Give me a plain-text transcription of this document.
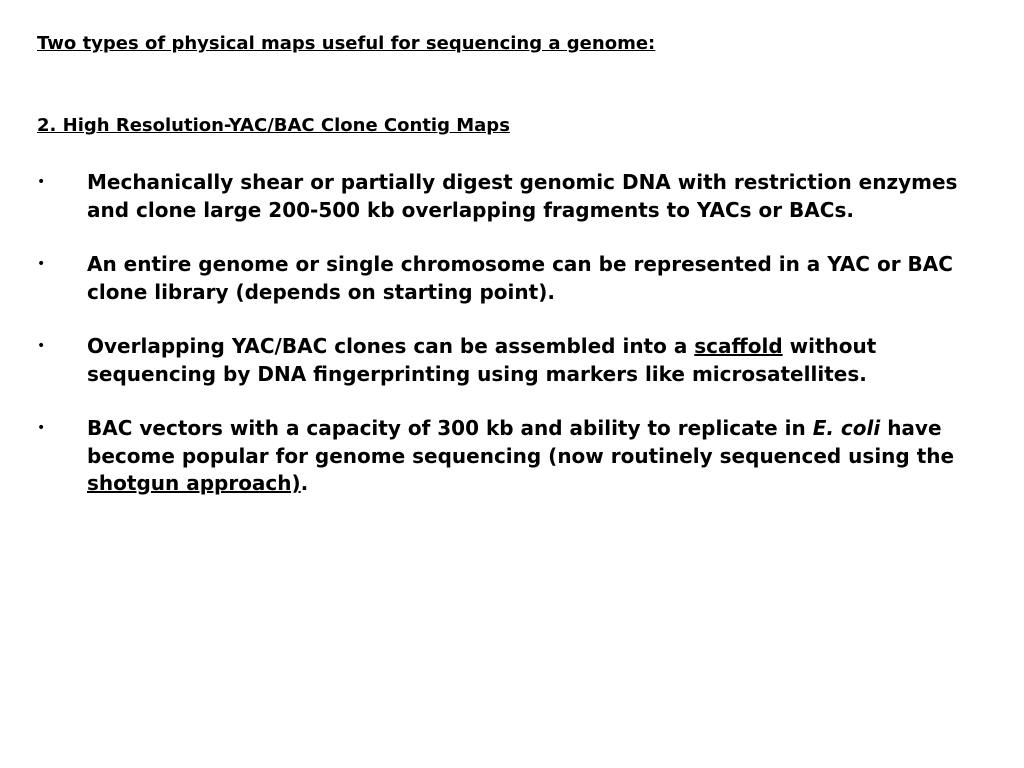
Two types of physical maps useful for sequencing a genome:
2. High Resolution-YAC/BAC Clone Contig Maps
• Mechanically shear or partially digest genomic DNA with restriction enzymes and clone large 200-500 kb overlapping fragments to YACs or BACs.
• An entire genome or single chromosome can be represented in a YAC or BAC clone library (depends on starting point).
• Overlapping YAC/BAC clones can be assembled into a scaffold without sequencing by DNA fingerprinting using markers like microsatellites.
• BAC vectors with a capacity of 300 kb and ability to replicate in E. coli have become popular for genome sequencing (now routinely sequenced using the shotgun approach).
